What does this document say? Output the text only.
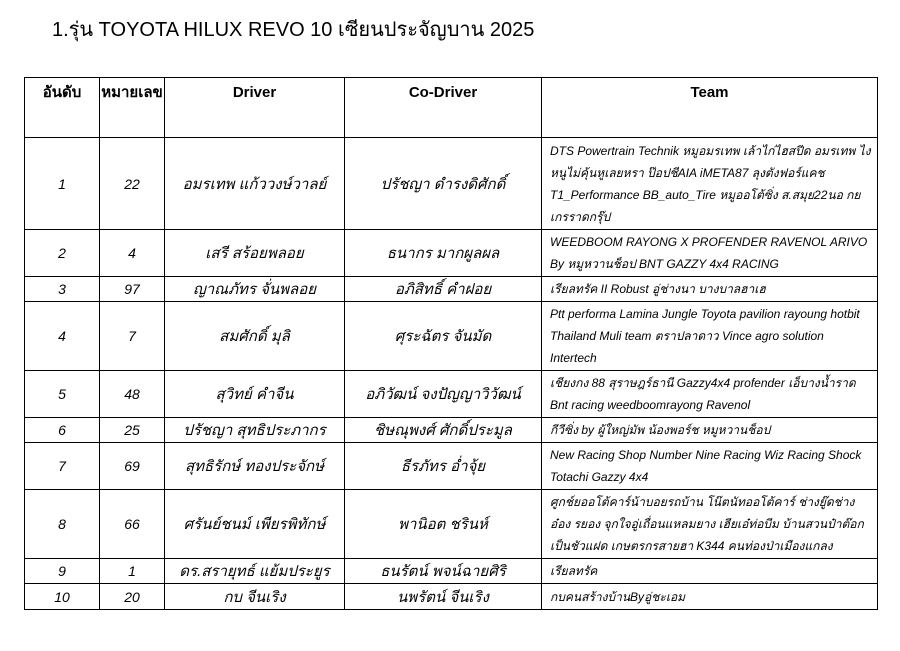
1.รุ่น TOYOTA HILUX REVO 10 เซียนประจัญบาน 2025
อันดับ	หมายเลข	Driver	Co-Driver	Team
1	22	อมรเทพ แก้ววงษ์วาลย์	ปรัชญา ดำรงดิศักดิ์	DTS Powertrain Technik หมูอมรเทพ เล้าไก่ไฮสปีด อมรเทพ ไงหนูไม่คุ้นหูเลยหรา ป๊อปชีAIA iMETA87 ลุงตังฟอร์แคช T1_Performance BB_auto_Tire หมูออโต้ซิ่ง ส.สมุย22นอ กยเกรราดกรุ๊ป
2	4	เสรี สร้อยพลอย	ธนากร มากผูลผล	WEEDBOOM RAYONG X PROFENDER RAVENOL ARIVO By หมูหวานช็อป BNT GAZZY 4x4 RACING
3	97	ญาณภัทร จั่นพลอย	อภิสิทธิ์ คำฝอย	เรียลทรัค II Robust อู่ช่างนา บางบาลฮาเฮ
4	7	สมศักดิ์ มุลิ	ศุระฉัตร จันมัด	Ptt performa Lamina Jungle Toyota pavilion rayoung hotbit Thailand Muli team ตราปลาดาว Vince agro solution Intertech
5	48	สุวิทย์ คำจีน	อภิวัฒน์ จงปัญญาวิวัฒน์	เชียงกง 88 สุราษฎร์ธานี Gazzy4x4 profender เอ็บางน้ำราด Bnt racing weedboomrayong Ravenol
6	25	ปรัชญา สุทธิประภากร	ชิษณุพงศ์ ศักดิ์ประมูล	กีวีซิ่ง by ผู้ใหญ่มัพ น้องพอร์ช หมูหวานช็อป
7	69	สุทธิรักษ์ ทองประจักษ์	ธีรภัทร อ่ำจุ้ย	New Racing Shop Number Nine Racing Wiz Racing Shock Totachi Gazzy 4x4
8	66	ศรันย์ชนม์ เพียรพิทักษ์	พานิอต ชรินห์	ศูกช์ยออโต้คาร์น้าบอยรถบ้าน โน๊ตนัทออโต้คาร์ ช่างยู๊ดช่างอ๋อง รยอง จุกใจอู่เถื่อนแหลมยาง เฮียเอ๋ท่อบีม บ้านสวนป๋าต๊อก เป็นชัวแฝด เกษตรกรสายฮา K344 คนท่องป่าเมืองแกลง
9	1	ดร.สรายุทธ์ แย้มประยูร	ธนรัตน์ พจน์ฉายศิริ	เรียลทรัค
10	20	กบ จีนเริง	นพรัตน์ จีนเริง	กบคนสร้างบ้านByอู่ชะเอม
